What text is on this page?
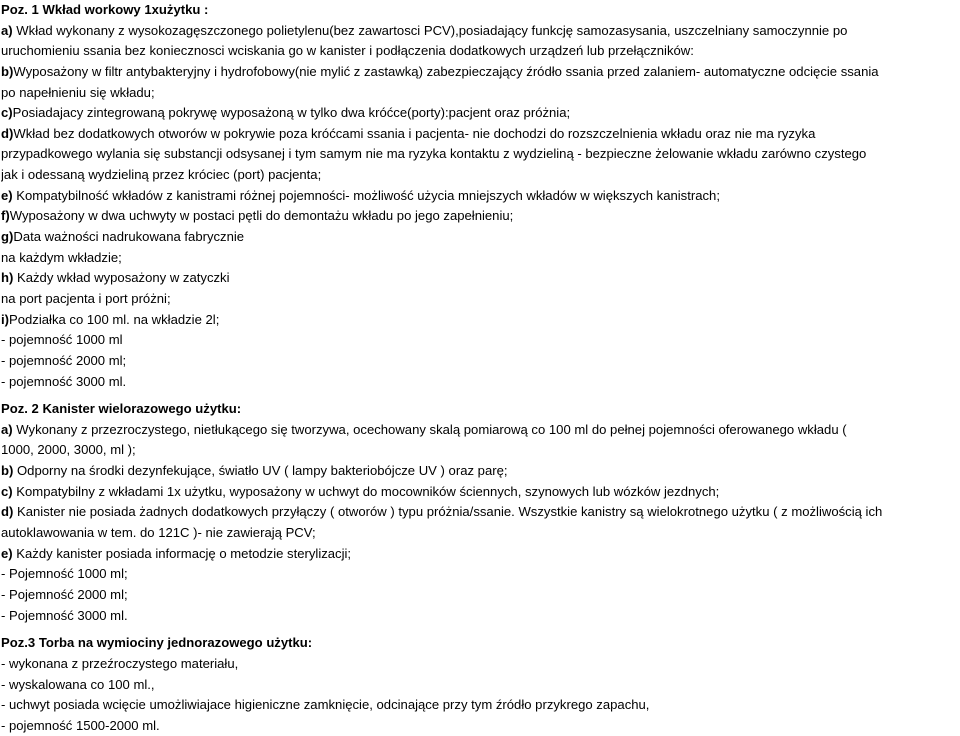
Poz. 1 Wkład workowy 1xużytku :
a) Wkład wykonany z wysokozagęszczonego polietylenu(bez zawartosci PCV),posiadający funkcję samozasysania, uszczelniany samoczynnie po
uruchomieniu ssania bez koniecznosci wciskania go w kanister i podłączenia dodatkowych urządzeń lub przełączników:
b)Wyposażony w filtr antybakteryjny i hydrofobowy(nie mylić z zastawką) zabezpieczający źródło ssania przed zalaniem- automatyczne odcięcie ssania
po napełnieniu się wkładu;
c)Posiadajacy zintegrowaną pokrywę wyposażoną w tylko dwa króćce(porty):pacjent oraz próżnia;
d)Wkład bez dodatkowych otworów w pokrywie poza króćcami ssania i pacjenta- nie dochodzi do rozszczelnienia wkładu oraz nie ma ryzyka
przypadkowego wylania się substancji odsysanej i tym samym nie ma ryzyka kontaktu z wydzieliną - bezpieczne żelowanie wkładu zarówno czystego
jak i odessaną wydzieliną przez króciec (port) pacjenta;
e) Kompatybilność wkładów z kanistrami różnej pojemności- możliwość użycia mniejszych wkładów w większych kanistrach;
f)Wyposażony w dwa uchwyty w postaci pętli do demontażu wkładu po jego zapełnieniu;
g)Data ważności nadrukowana fabrycznie
na każdym wkładzie;
h) Każdy wkład wyposażony w zatyczki
na port pacjenta i port próżni;
i)Podziałka co 100 ml. na wkładzie 2l;
- pojemność 1000 ml
- pojemność 2000 ml;
- pojemność 3000 ml.
Poz. 2 Kanister wielorazowego użytku:
a) Wykonany z przezroczystego, nietłukącego się tworzywa, ocechowany skalą pomiarową co 100 ml do pełnej pojemności oferowanego wkładu (
1000, 2000, 3000, ml );
b) Odporny na środki dezynfekujące, światło UV ( lampy bakteriobójcze UV ) oraz parę;
c) Kompatybilny z wkładami 1x użytku, wyposażony w uchwyt do mocowników ściennych, szynowych lub wózków jezdnych;
d) Kanister nie posiada żadnych dodatkowych przyłączy ( otworów ) typu próżnia/ssanie. Wszystkie kanistry są wielokrotnego użytku ( z możliwością ich
autoklawowania w tem. do 121C )- nie zawierają PCV;
e) Każdy kanister posiada informację o metodzie sterylizacji;
- Pojemność 1000 ml;
- Pojemność 2000 ml;
- Pojemność 3000 ml.
Poz.3 Torba na wymiociny jednorazowego użytku:
- wykonana z przeźroczystego materiału,
- wyskalowana co 100 ml.,
- uchwyt posiada wcięcie umożliwiajace higieniczne zamknięcie, odcinające przy tym źródło przykrego zapachu,
- pojemność 1500-2000 ml.
